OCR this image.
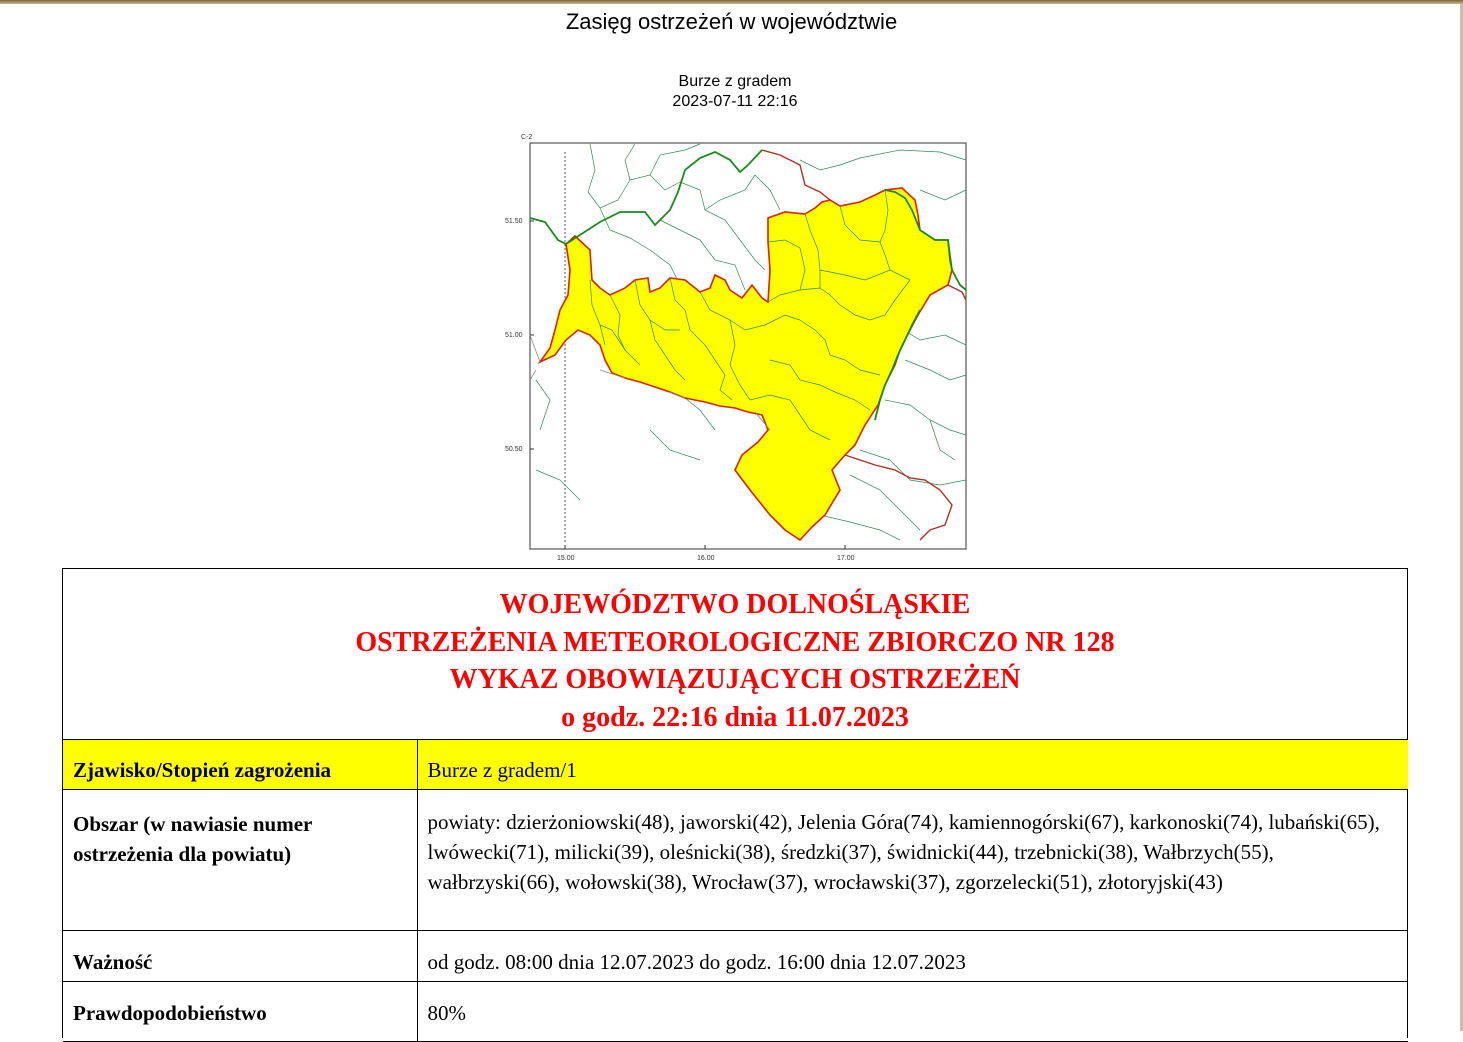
Zasięg ostrzeżeń w województwie
Burze z gradem
2023-07-11 22:16
C-2
51.50
51.00
50.50
15.00	16.00	17.00
WOJEWÓDZTWO DOLNOŚLĄSKIE
OSTRZEŻENIA METEOROLOGICZNE ZBIORCZO NR 128
WYKAZ OBOWIĄZUJĄCYCH OSTRZEŻEŃ
o godz. 22:16 dnia 11.07.2023
Zjawisko/Stopień zagrożenia	Burze z gradem/1
Obszar (w nawiasie numer ostrzeżenia dla powiatu)	powiaty: dzierżoniowski(48), jaworski(42), Jelenia Góra(74), kamiennogórski(67), karkonoski(74), lubański(65), lwówecki(71), milicki(39), oleśnicki(38), średzki(37), świdnicki(44), trzebnicki(38), Wałbrzych(55), wałbrzyski(66), wołowski(38), Wrocław(37), wrocławski(37), zgorzelecki(51), złotoryjski(43)
Ważność	od godz. 08:00 dnia 12.07.2023 do godz. 16:00 dnia 12.07.2023
Prawdopodobieństwo	80%
